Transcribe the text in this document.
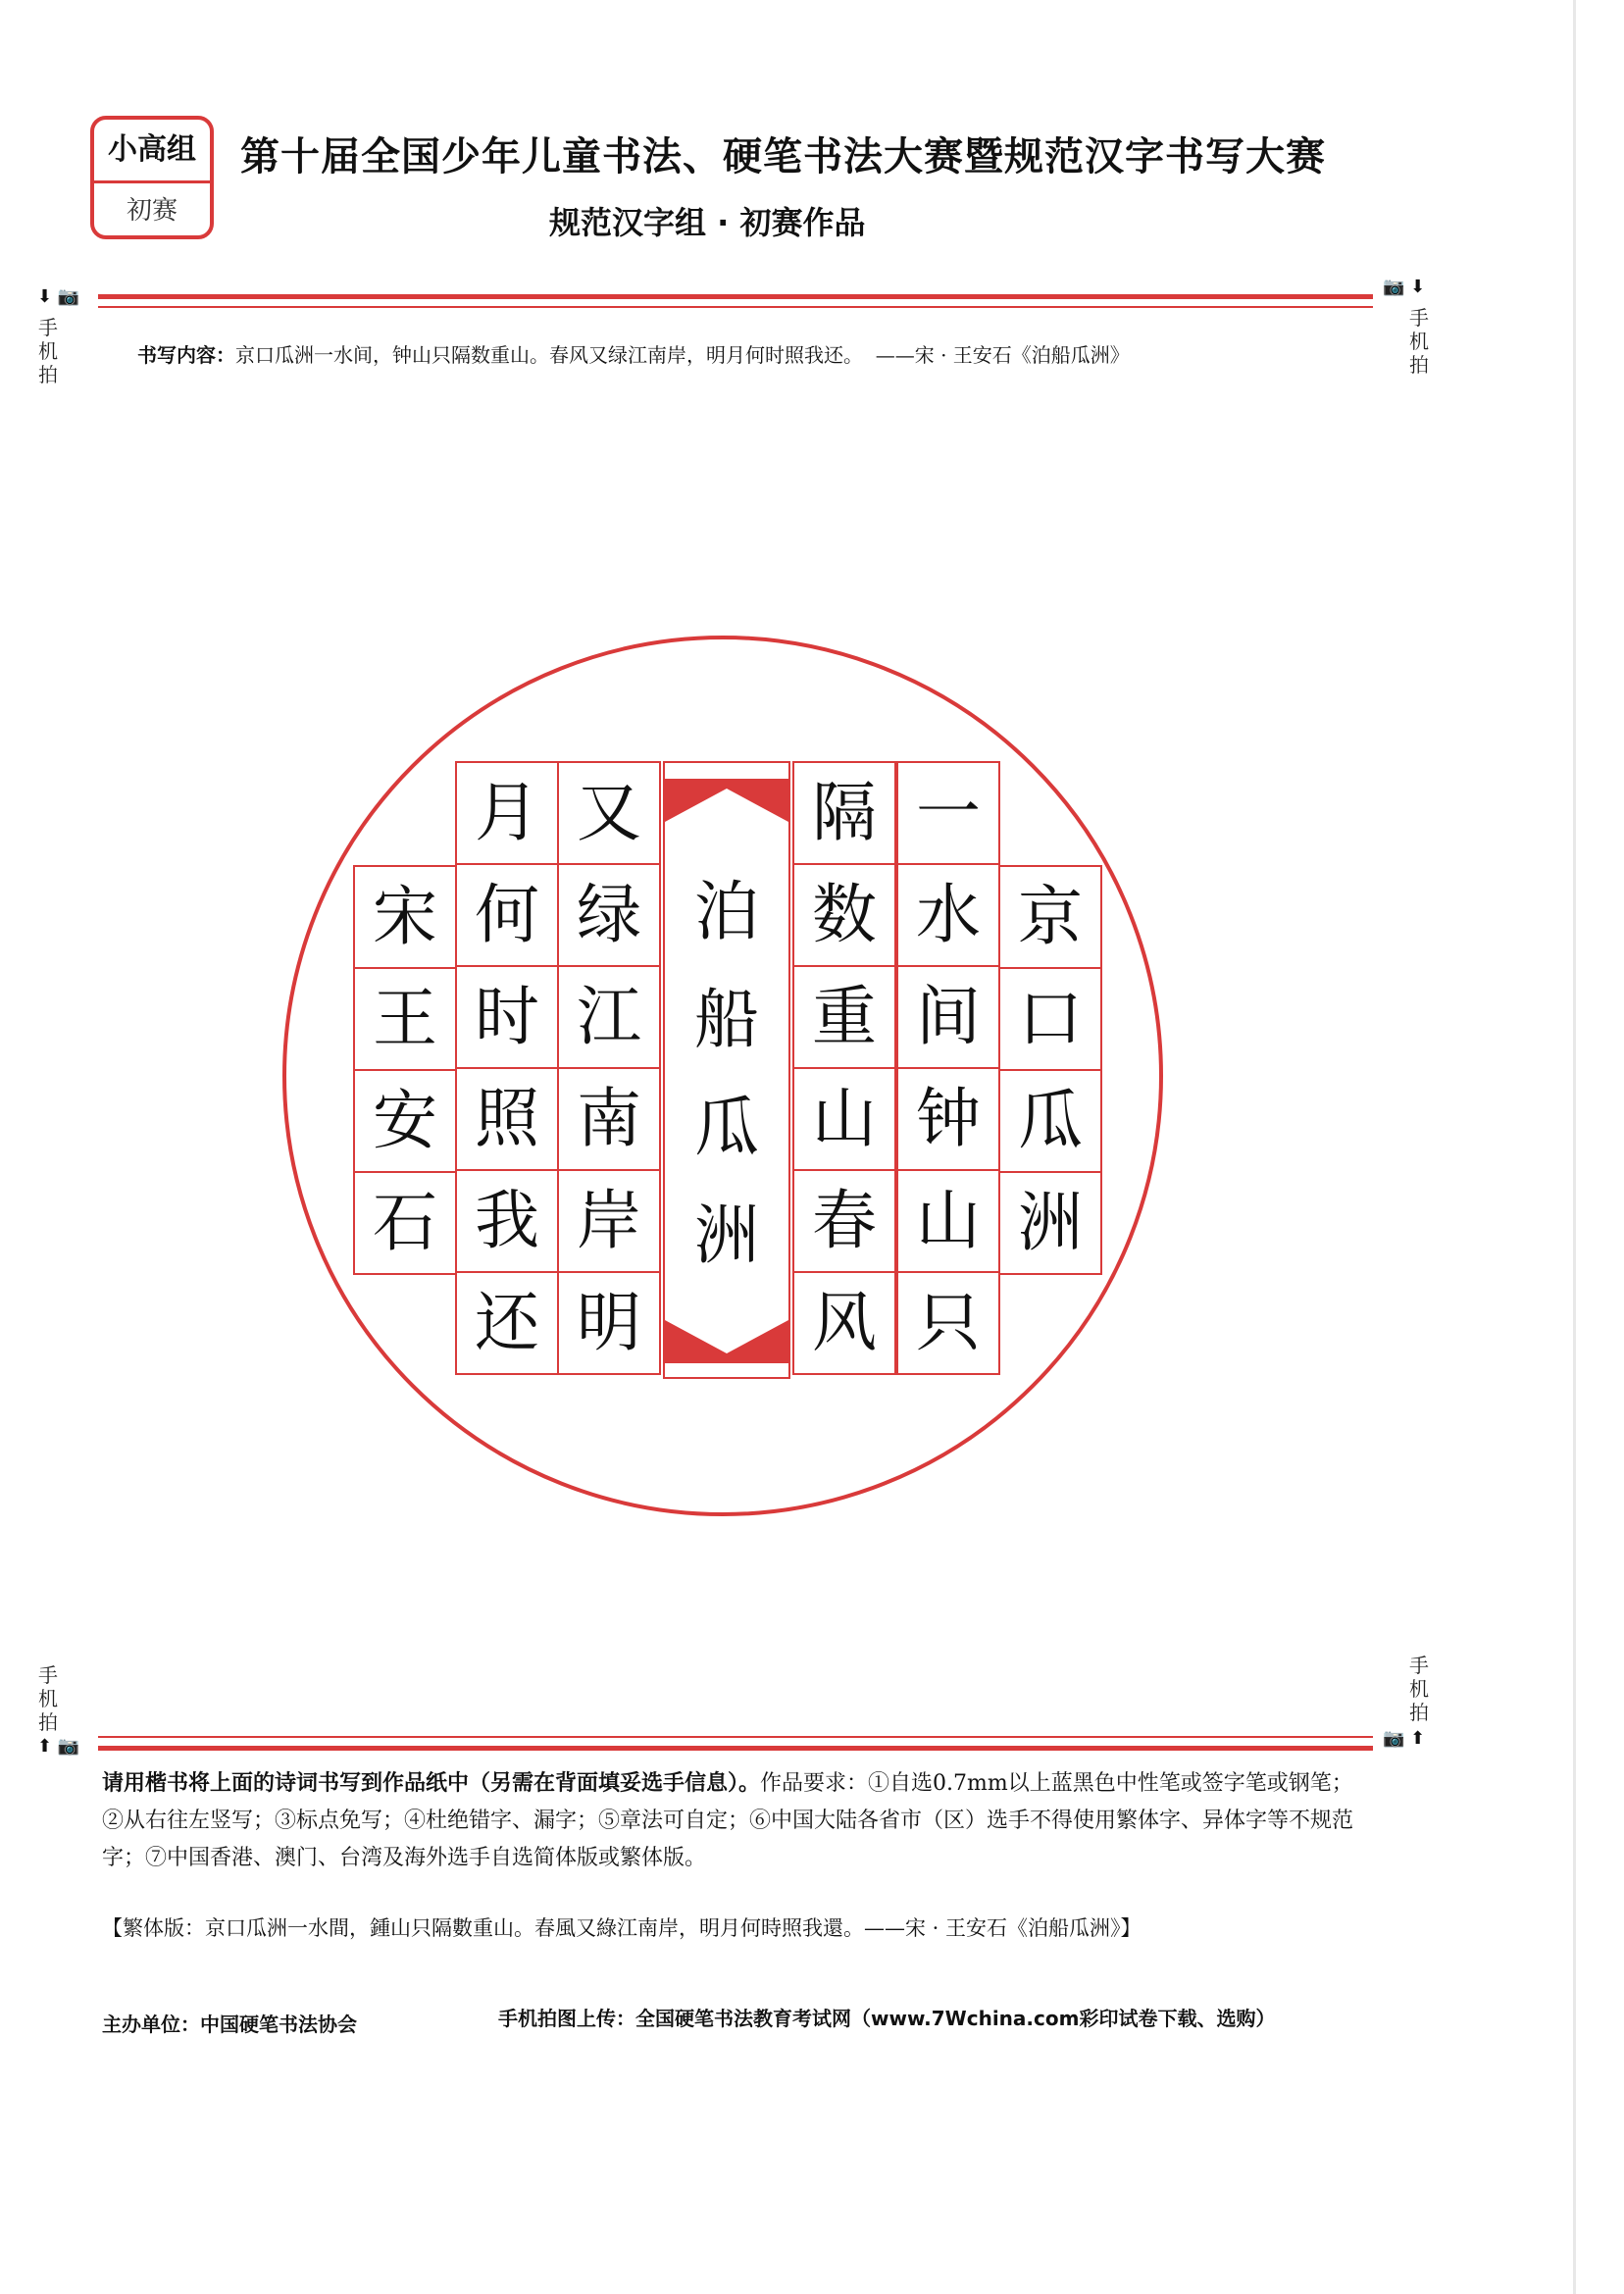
小高组
初赛
第十届全国少年儿童书法、硬笔书法大赛暨规范汉字书写大赛
规范汉字组 · 初赛作品
⬇ 📷
手机拍
📷 ⬇
手机拍
书写内容：京口瓜洲一水间，钟山只隔数重山。春风又绿江南岸，明月何时照我还。 ——宋 · 王安石《泊船瓜洲》
京
口
瓜
洲
一
水
间
钟
山
只
隔
数
重
山
春
风
泊
船
瓜
洲
又
绿
江
南
岸
明
月
何
时
照
我
还
宋
王
安
石
手机拍
⬆ 📷
手机拍
📷 ⬆
请用楷书将上面的诗词书写到作品纸中（另需在背面填妥选手信息）。作品要求：①自选0.7mm以上蓝黑色中性笔或签字笔或钢笔；②从右往左竖写；③标点免写；④杜绝错字、漏字；⑤章法可自定；⑥中国大陆各省市（区）选手不得使用繁体字、异体字等不规范字；⑦中国香港、澳门、台湾及海外选手自选简体版或繁体版。
【繁体版：京口瓜洲一水間，鍾山只隔數重山。春風又綠江南岸，明月何時照我還。——宋 · 王安石《泊船瓜洲》】
主办单位：中国硬笔书法协会	手机拍图上传：全国硬笔书法教育考试网（www.7Wchina.com彩印试卷下载、选购）
